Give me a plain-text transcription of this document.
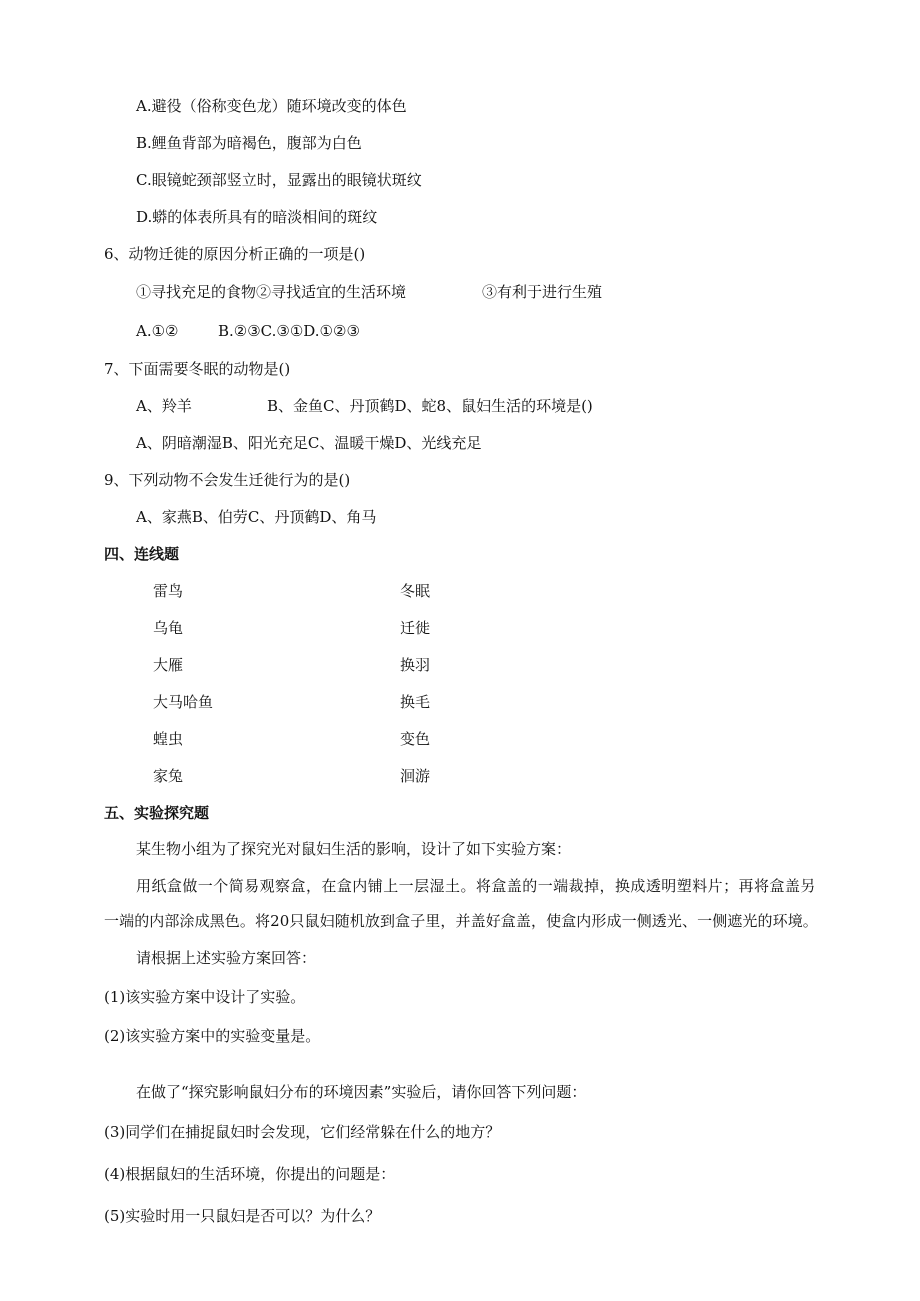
A.避役（俗称变色龙）随环境改变的体色
B.鲤鱼背部为暗褐色，腹部为白色
C.眼镜蛇颈部竖立时，显露出的眼镜状斑纹
D.蟒的体表所具有的暗淡相间的斑纹
6、动物迁徙的原因分析正确的一项是()
①寻找充足的食物②寻找适宜的生活环境	③有利于进行生殖
A.①②	B.②③C.③①D.①②③
7、下面需要冬眠的动物是()
A、羚羊	B、金鱼C、丹顶鹤D、蛇8、鼠妇生活的环境是()
A、阴暗潮湿B、阳光充足C、温暖干燥D、光线充足
9、下列动物不会发生迁徙行为的是()
A、家燕B、伯劳C、丹顶鹤D、角马
四、连线题
雷鸟	冬眠
乌龟	迁徙
大雁	换羽
大马哈鱼	换毛
蝗虫	变色
家兔	洄游
五、实验探究题
某生物小组为了探究光对鼠妇生活的影响，设计了如下实验方案：
用纸盒做一个简易观察盒，在盒内铺上一层湿土。将盒盖的一端裁掉，换成透明塑料片；再将盒盖另
一端的内部涂成黑色。将20只鼠妇随机放到盒子里，并盖好盒盖，使盒内形成一侧透光、一侧遮光的环境。
请根据上述实验方案回答：
(1)该实验方案中设计了实验。
(2)该实验方案中的实验变量是。
在做了“探究影响鼠妇分布的环境因素”实验后，请你回答下列问题：
(3)同学们在捕捉鼠妇时会发现，它们经常躲在什么的地方？
(4)根据鼠妇的生活环境，你提出的问题是：
(5)实验时用一只鼠妇是否可以？为什么？
